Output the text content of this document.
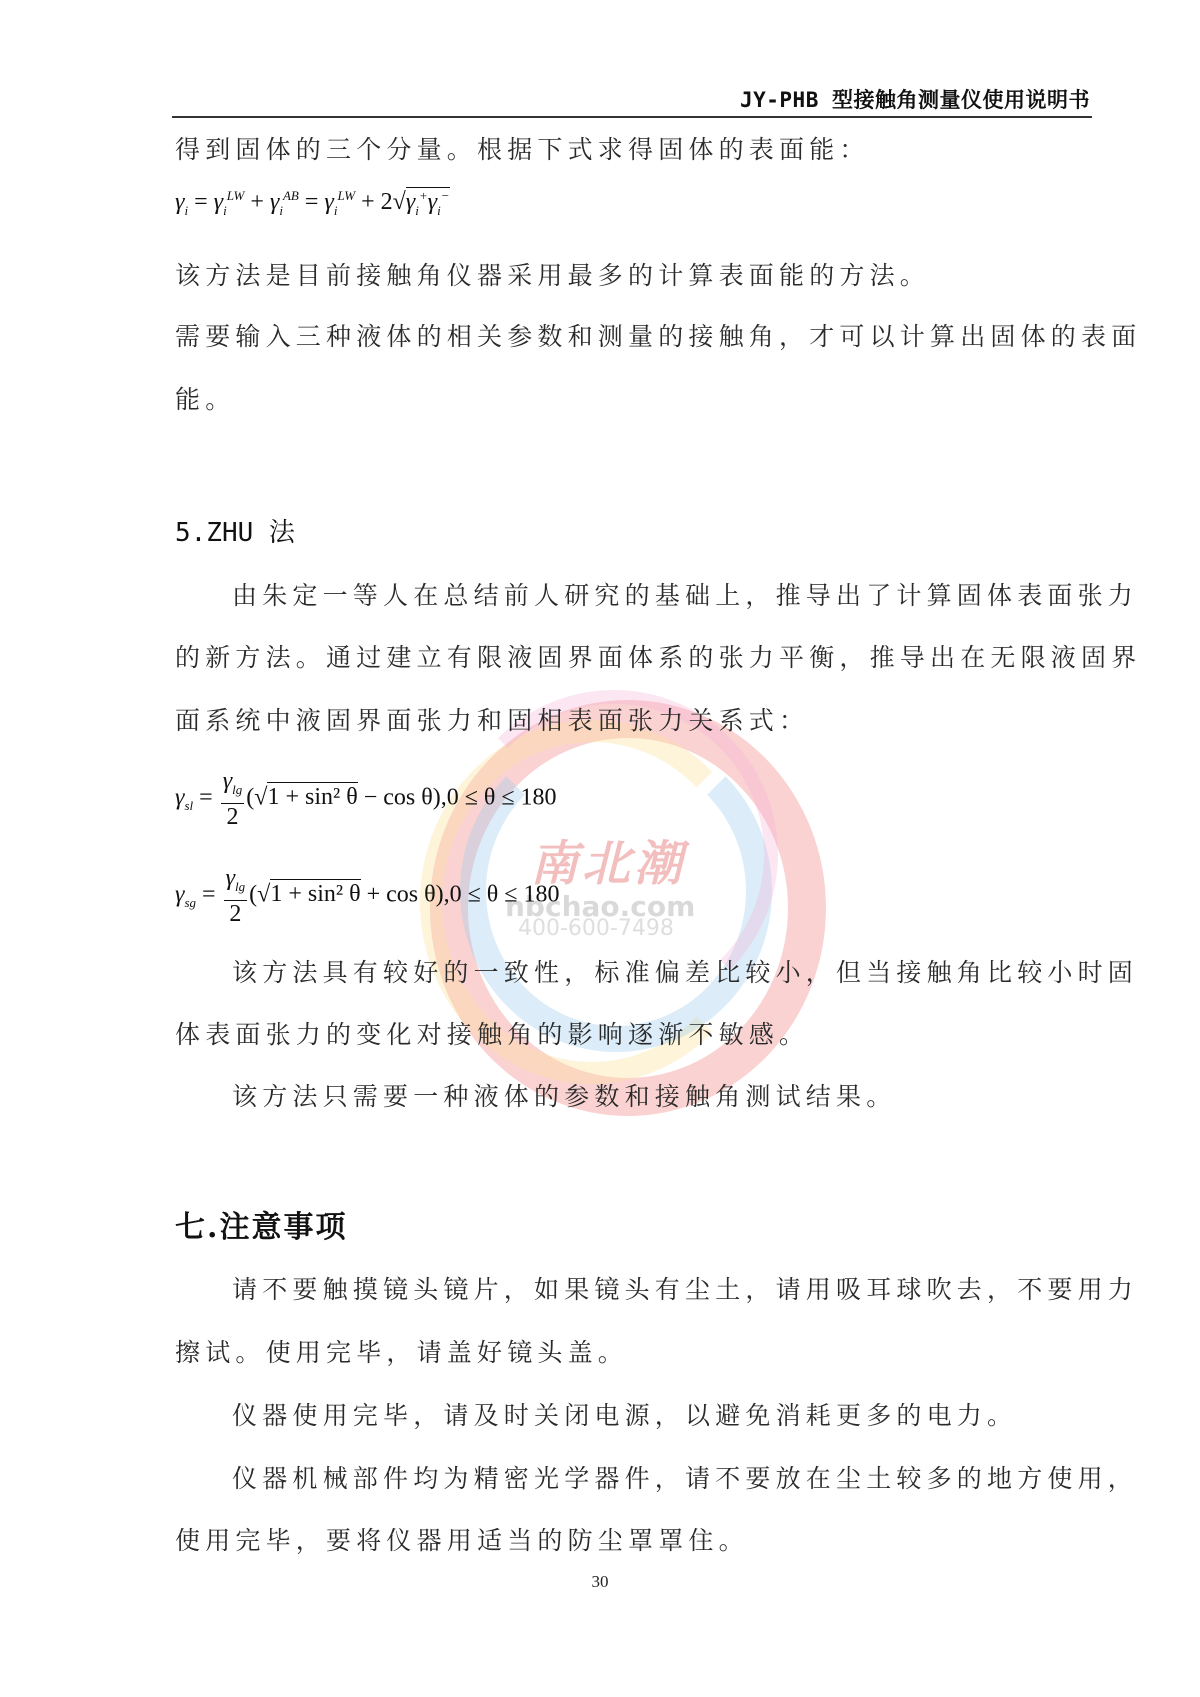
JY-PHB 型接触角测量仪使用说明书
南北潮
nbchao.com
400-600-7498
得到固体的三个分量。根据下式求得固体的表面能：
$\gamma_i = \gamma_i^{LW} + \gamma_i^{AB} = \gamma_i^{LW} + 2√\gamma_i^+\gamma_i^-$
该方法是目前接触角仪器采用最多的计算表面能的方法。
需要输入三种液体的相关参数和测量的接触角，才可以计算出固体的表面
能。
5.ZHU 法
由朱定一等人在总结前人研究的基础上，推导出了计算固体表面张力
的新方法。通过建立有限液固界面体系的张力平衡，推导出在无限液固界
面系统中液固界面张力和固相表面张力关系式：
$\gamma_{sl} = \frac{\gamma_{lg}}{2} (√1 + \sin^2$ θ − cos θ),0 ≤ θ ≤ 180
$\gamma_{sg} = \frac{\gamma_{lg}}{2} (√1 + \sin^2$ θ + cos θ),0 ≤ θ ≤ 180
该方法具有较好的一致性，标准偏差比较小，但当接触角比较小时固
体表面张力的变化对接触角的影响逐渐不敏感。
该方法只需要一种液体的参数和接触角测试结果。
七.注意事项
请不要触摸镜头镜片，如果镜头有尘土，请用吸耳球吹去，不要用力
擦试。使用完毕，请盖好镜头盖。
仪器使用完毕，请及时关闭电源，以避免消耗更多的电力。
仪器机械部件均为精密光学器件，请不要放在尘土较多的地方使用，
使用完毕，要将仪器用适当的防尘罩罩住。
30
